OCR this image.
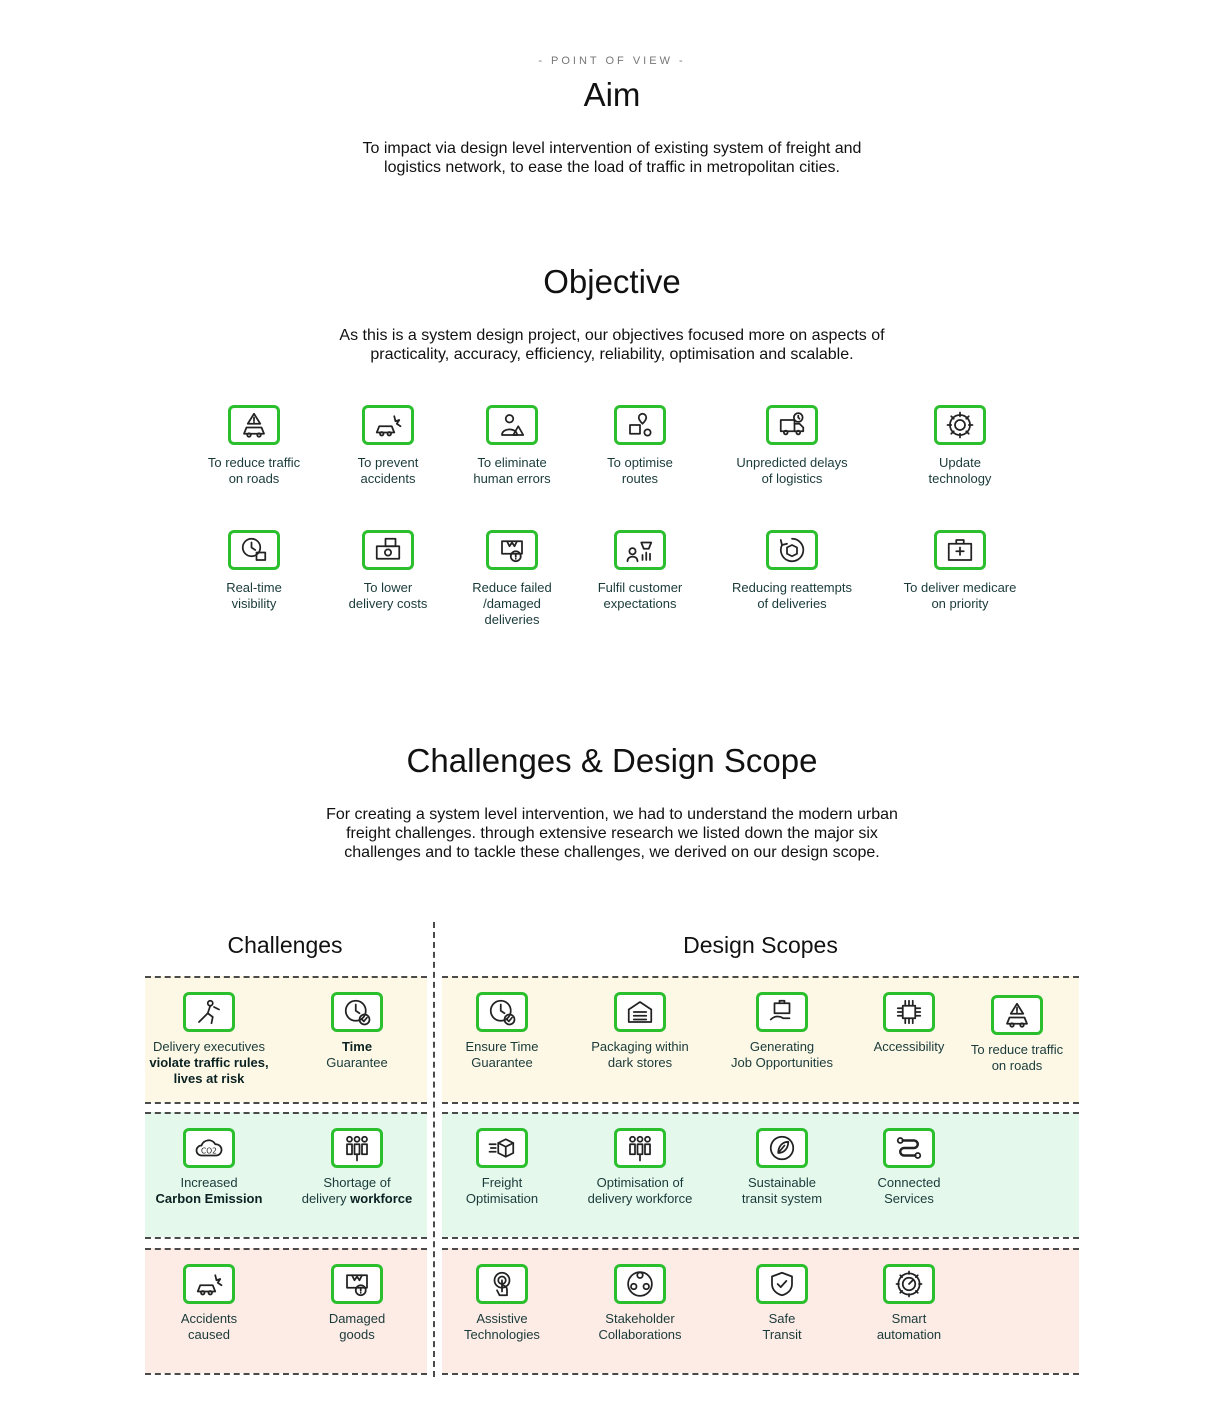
- POINT OF VIEW -
Aim
To impact via design level intervention of existing system of freight and
logistics network, to ease the load of traffic in metropolitan cities.
Objective
As this is a system design project, our objectives focused more on aspects of
practicality, accuracy, efficiency, reliability, optimisation and scalable.
To reduce traffic
on roads
To prevent
accidents
To eliminate
human errors
To optimise
routes
Unpredicted delays
of logistics
Update
technology
Real-time
visibility
To lower
delivery costs
Reduce failed
/damaged
deliveries
Fulfil customer
expectations
Reducing reattempts
of deliveries
To deliver medicare
on priority
Challenges & Design Scope
For creating a system level intervention, we had to understand the modern urban
freight challenges. through extensive research we listed down the major six
challenges and to tackle these challenges, we derived on our design scope.
Challenges	Design Scopes
Delivery executives
violate traffic rules,
lives at risk
Time
Guarantee
CO2
Increased
Carbon Emission
Shortage of
delivery workforce
Accidents
caused
Damaged
goods
Ensure Time
Guarantee
Packaging within
dark stores
Generating
Job Opportunities
Accessibility	To reduce traffic
on roads
Freight
Optimisation
Optimisation of
delivery workforce
Sustainable
transit system
Connected
Services
Assistive
Technologies
Stakeholder
Collaborations
Safe
Transit
Smart
automation
